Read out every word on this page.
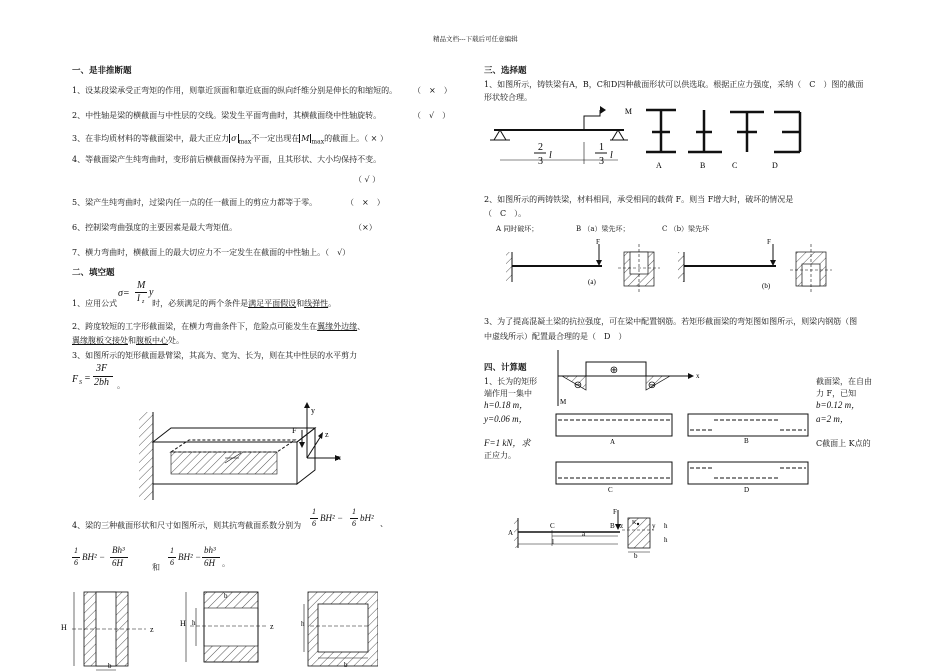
精品文档---下载后可任意编辑
一、是非推断题
1、设某段梁承受正弯矩的作用，则靠近顶面和靠近底面的纵向纤维分别是伸长的和缩短的。 （　×　）
2、中性轴是梁的横截面与中性层的交线。梁发生平面弯曲时，其横截面绕中性轴旋转。	（　√　）
3、在非均质材料的等截面梁中，最大正应力 σ $_{max}$不一定出现在 M $_{max}$的截面上。（ × ）
4、等截面梁产生纯弯曲时，变形前后横截面保持为平面，且其形状、大小均保持不变。
（ √ ）
5、梁产生纯弯曲时，过梁内任一点的任一截面上的剪应力都等于零。	（　×　）
6、控制梁弯曲强度的主要因素是最大弯矩值。	（×）
7、横力弯曲时，横截面上的最大切应力不一定发生在截面的中性轴上。（　√）
二、填空题
σ=
M
I z
y
1、应用公式	时，必须满足的两个条件是满足平面假设和线弹性。
2、跨度较短的工字形截面梁，在横力弯曲条件下，危险点可能发生在翼缘外边缘、
翼缘腹板交接处和腹板中心处。
3、如图所示的矩形截面悬臂梁，其高为、宽为、长为，则在其中性层的水平剪力
F S =
3F
2bh 。
y
z
x
F
4、梁的三种截面形状和尺寸如图所示，则其抗弯截面系数分别为
1
6
BH² −
1
6
bH²
、
1
6
BH² −
Bh³
6H	和
1
6
BH² −
bh³
6H 。
H	z
b
H h	z
b
h
b
三、选择题
1、如图所示，铸铁梁有A，B，C和D四种截面形状可以供选取。根据正应力强度，采纳（　C　）图的截面
形状较合理。
M
2
3
l
1
3
l
A	B	C	D
2、如图所示的两铸铁梁，材料相同，承受相同的载荷 F。则当 F增大时，破坏的情况是
（　C　）。
A 同时破坏；	B （a）梁先坏；	C （b）梁先坏
F
(a)
F
(b)
3、为了提高混凝土梁的抗拉强度，可在梁中配置钢筋。若矩形截面梁的弯矩图如图所示，则梁内钢筋（图
中虚线所示）配置最合理的是（　D　）
四、计算题
1、长为的矩形
端作用一集中
h=0.18 m，
y=0.06 m，
F=1 kN，求
正应力。
截面梁，在自由
力 F，已知
b=0.12 m，
a=2 m，
C截面上 K点的
x
M
⊕
⊖	⊖
A	B
C	D
F
A
C	B
a
l
z K y h
h
b
